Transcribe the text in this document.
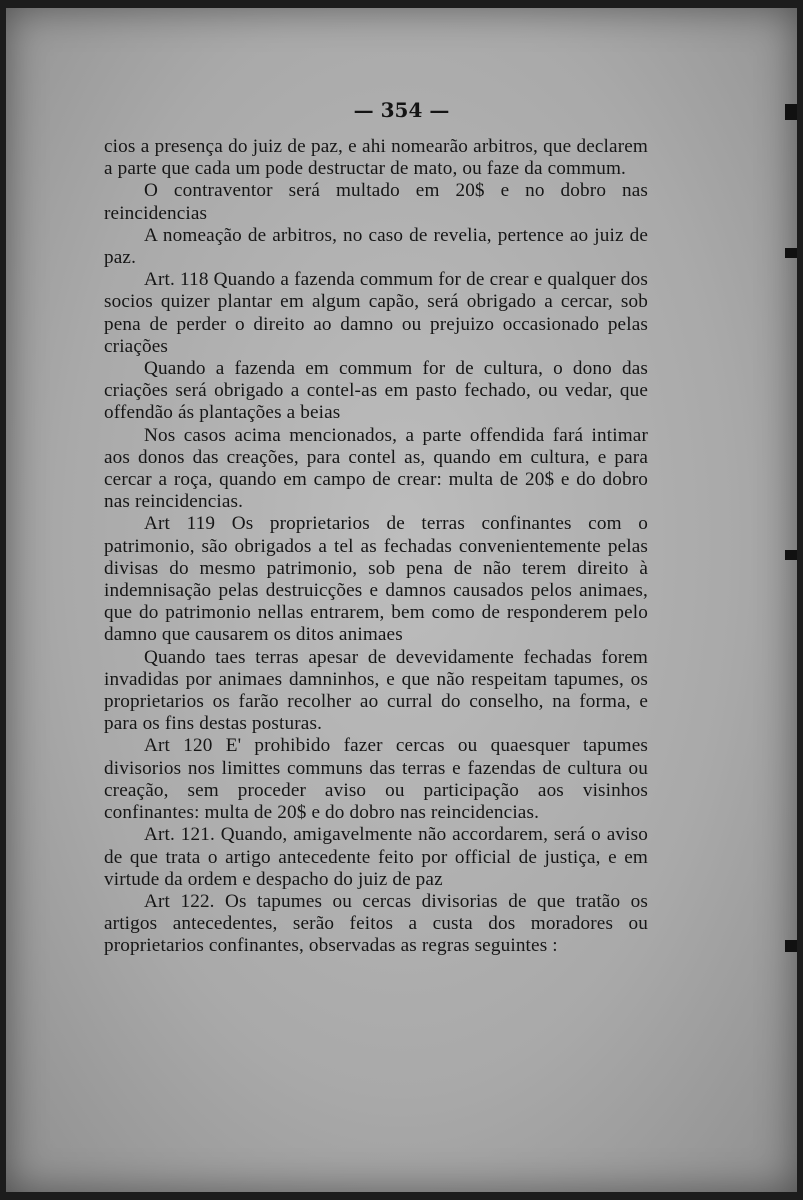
— 354 —

cios a presença do juiz de paz, e ahi nomearão arbitros, que declarem a parte que cada um pode destructar de mato, ou faze da commum.

O contraventor será multado em 20$ e no dobro nas reincidencias

A nomeação de arbitros, no caso de revelia, pertence ao juiz de paz.

Art. 118 Quando a fazenda commum for de crear e qualquer dos socios quizer plantar em algum capão, será obrigado a cercar, sob pena de perder o direito ao damno ou prejuizo occasionado pelas criações

Quando a fazenda em commum for de cultura, o dono das criações será obrigado a contel-as em pasto fechado, ou vedar, que offendão ás plantações a beias

Nos casos acima mencionados, a parte offendida fará intimar aos donos das creações, para contel as, quando em cultura, e para cercar a roça, quando em campo de crear: multa de 20$ e do dobro nas reincidencias.

Art 119 Os proprietarios de terras confinantes com o patrimonio, são obrigados a tel as fechadas convenientemente pelas divisas do mesmo patrimonio, sob pena de não terem direito à indemnisação pelas destruicções e damnos causados pelos animaes, que do patrimonio nellas entrarem, bem como de responderem pelo damno que causarem os ditos animaes

Quando taes terras apesar de devevidamente fechadas forem invadidas por animaes damninhos, e que não respeitam tapumes, os proprietarios os farão recolher ao curral do conselho, na forma, e para os fins destas posturas.

Art 120 E' prohibido fazer cercas ou quaesquer tapumes divisorios nos limittes communs das terras e fazendas de cultura ou creação, sem proceder aviso ou participação aos visinhos confinantes: multa de 20$ e do dobro nas reincidencias.

Art. 121. Quando, amigavelmente não accordarem, será o aviso de que trata o artigo antecedente feito por official de justiça, e em virtude da ordem e despacho do juiz de paz

Art 122. Os tapumes ou cercas divisorias de que tratão os artigos antecedentes, serão feitos a custa dos moradores ou proprietarios confinantes, observadas as regras seguintes :
